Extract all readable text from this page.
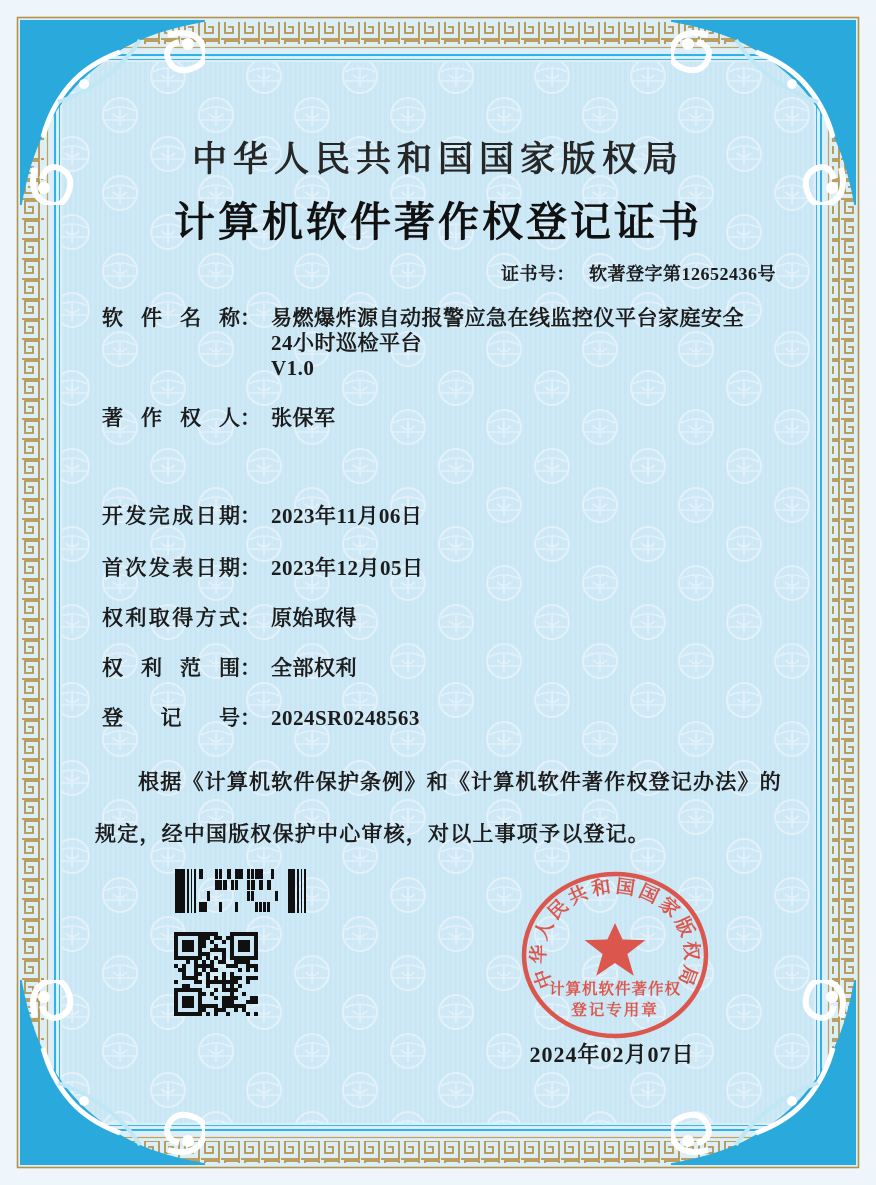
中华人民共和国国家版权局
计算机软件著作权登记证书
证书号： 软著登字第12652436号
软件名称 ： 易燃爆炸源自动报警应急在线监控仪平台家庭安全
24小时巡检平台
V1.0
著作权人 ： 张保军
开发完成日期 ： 2023年11月06日
首次发表日期 ： 2023年12月05日
权利取得方式 ： 原始取得
权利范围 ： 全部权利
登记号 ： 2024SR0248563
根据《计算机软件保护条例》和《计算机软件著作权登记办法》的
规定，经中国版权保护中心审核，对以上事项予以登记。
中华人民共和国国家版权局
计算机软件著作权
登记专用章
2024年02月07日
